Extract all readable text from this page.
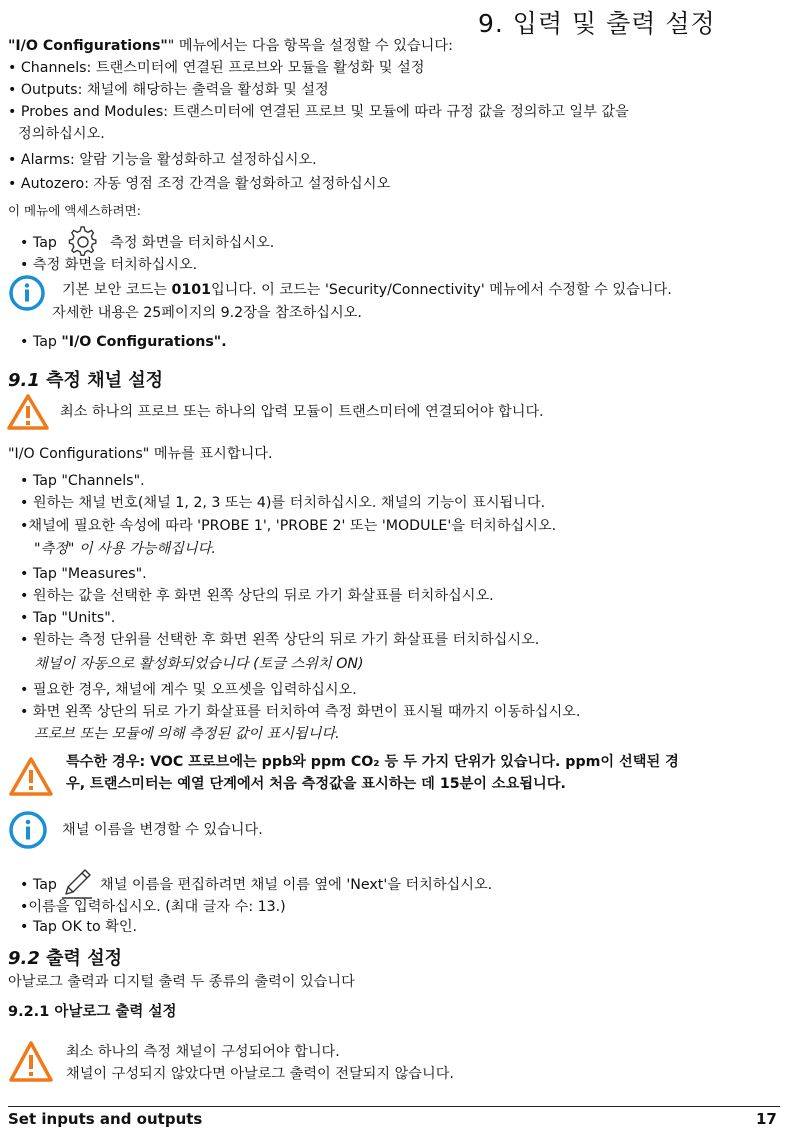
9. 입력 및 출력 설정
"I/O Configurations"" 메뉴에서는 다음 항목을 설정할 수 있습니다:
• Channels: 트랜스미터에 연결된 프로브와 모듈을 활성화 및 설정
• Outputs: 채널에 해당하는 출력을 활성화 및 설정
• Probes and Modules: 트랜스미터에 연결된 프로브 및 모듈에 따라 규정 값을 정의하고 일부 값을
정의하십시오.
• Alarms: 알람 기능을 활성화하고 설정하십시오.
• Autozero: 자동 영점 조정 간격을 활성화하고 설정하십시오
이 메뉴에 액세스하려면:
• Tap	측정 화면을 터치하십시오.
• 측정 화면을 터치하십시오.
기본 보안 코드는 0101입니다. 이 코드는 'Security/Connectivity' 메뉴에서 수정할 수 있습니다.
자세한 내용은 25페이지의 9.2장을 참조하십시오.
• Tap "I/O Configurations".
9.1 측정 채널 설정
최소 하나의 프로브 또는 하나의 압력 모듈이 트랜스미터에 연결되어야 합니다.
"I/O Configurations" 메뉴를 표시합니다.
• Tap "Channels".
• 원하는 채널 번호(채널 1, 2, 3 또는 4)를 터치하십시오. 채널의 기능이 표시됩니다.
•채널에 필요한 속성에 따라 'PROBE 1', 'PROBE 2' 또는 'MODULE'을 터치하십시오.
"측정" 이 사용 가능해집니다.
• Tap "Measures".
• 원하는 값을 선택한 후 화면 왼쪽 상단의 뒤로 가기 화살표를 터치하십시오.
• Tap "Units".
• 원하는 측정 단위를 선택한 후 화면 왼쪽 상단의 뒤로 가기 화살표를 터치하십시오.
채널이 자동으로 활성화되었습니다 (토글 스위치 ON)
• 필요한 경우, 채널에 계수 및 오프셋을 입력하십시오.
• 화면 왼쪽 상단의 뒤로 가기 화살표를 터치하여 측정 화면이 표시될 때까지 이동하십시오.
프로브 또는 모듈에 의해 측정된 값이 표시됩니다.
특수한 경우: VOC 프로브에는 ppb와 ppm CO₂ 등 두 가지 단위가 있습니다. ppm이 선택된 경
우, 트랜스미터는 예열 단계에서 처음 측정값을 표시하는 데 15분이 소요됩니다.
채널 이름을 변경할 수 있습니다.
• Tap	채널 이름을 편집하려면 채널 이름 옆에 'Next'을 터치하십시오.
•이름을 입력하십시오. (최대 글자 수: 13.)
• Tap OK to 확인.
9.2 출력 설정
아날로그 출력과 디지털 출력 두 종류의 출력이 있습니다
9.2.1 아날로그 출력 설정
최소 하나의 측정 채널이 구성되어야 합니다.
채널이 구성되지 않았다면 아날로그 출력이 전달되지 않습니다.
Set inputs and outputs	17
